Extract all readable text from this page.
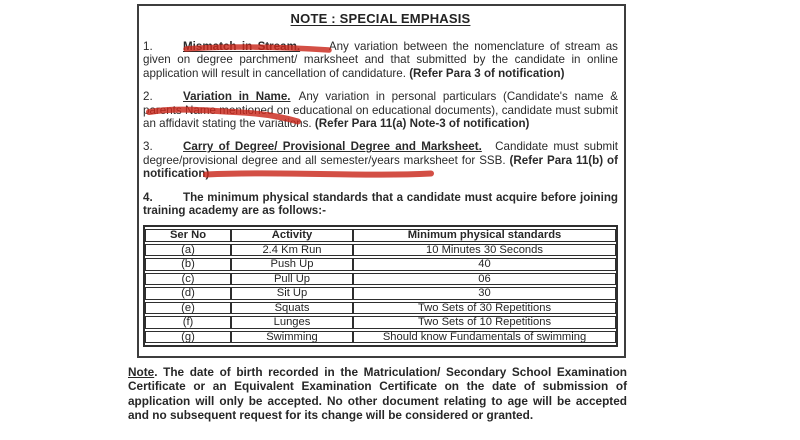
NOTE : SPECIAL EMPHASIS

1.	Mismatch in Stream. Any variation between the nomenclature of stream as given on degree parchment/ marksheet and that submitted by the candidate in online application will result in cancellation of candidature. (Refer Para 3 of notification)

2.	Variation in Name. Any variation in personal particulars (Candidate's name & parents Name mentioned on educational on educational documents), candidate must submit an affidavit stating the variations. (Refer Para 11(a) Note-3 of notification)

3.	Carry of Degree/ Provisional Degree and Marksheet. Candidate must submit degree/provisional degree and all semester/years marksheet for SSB. (Refer Para 11(b) of notification)

4.	The minimum physical standards that a candidate must acquire before joining training academy are as follows:-

Ser No	Activity	Minimum physical standards
(a)	2.4 Km Run	10 Minutes 30 Seconds
(b)	Push Up	40
(c)	Pull Up	06
(d)	Sit Up	30
(e)	Squats	Two Sets of 30 Repetitions
(f)	Lunges	Two Sets of 10 Repetitions
(g)	Swimming	Should know Fundamentals of swimming
Note. The date of birth recorded in the Matriculation/ Secondary School Examination Certificate or an Equivalent Examination Certificate on the date of submission of application will only be accepted. No other document relating to age will be accepted and no subsequent request for its change will be considered or granted.
